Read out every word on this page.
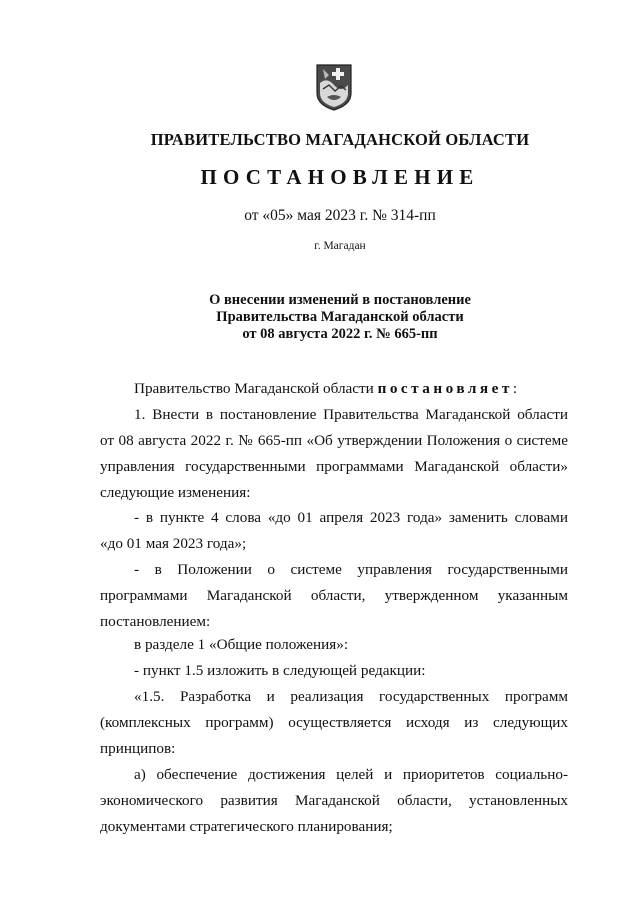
ПРАВИТЕЛЬСТВО МАГАДАНСКОЙ ОБЛАСТИ
ПОСТАНОВЛЕНИЕ
от «05» мая 2023 г. № 314-пп
г. Магадан
О внесении изменений в постановление
Правительства Магаданской области
от 08 августа 2022 г. № 665-пп
Правительство Магаданской области постановляет:
1. Внести в постановление Правительства Магаданской области
от 08 августа 2022 г. № 665-пп «Об утверждении Положения о системе
управления государственными программами Магаданской области»
следующие изменения:
- в пункте 4 слова «до 01 апреля 2023 года» заменить словами
«до 01 мая 2023 года»;
- в Положении о системе управления государственными
программами Магаданской области, утвержденном указанным
постановлением:
в разделе 1 «Общие положения»:
- пункт 1.5 изложить в следующей редакции:
«1.5. Разработка и реализация государственных программ
(комплексных программ) осуществляется исходя из следующих
принципов:
а) обеспечение достижения целей и приоритетов социально-
экономического развития Магаданской области, установленных
документами стратегического планирования;
